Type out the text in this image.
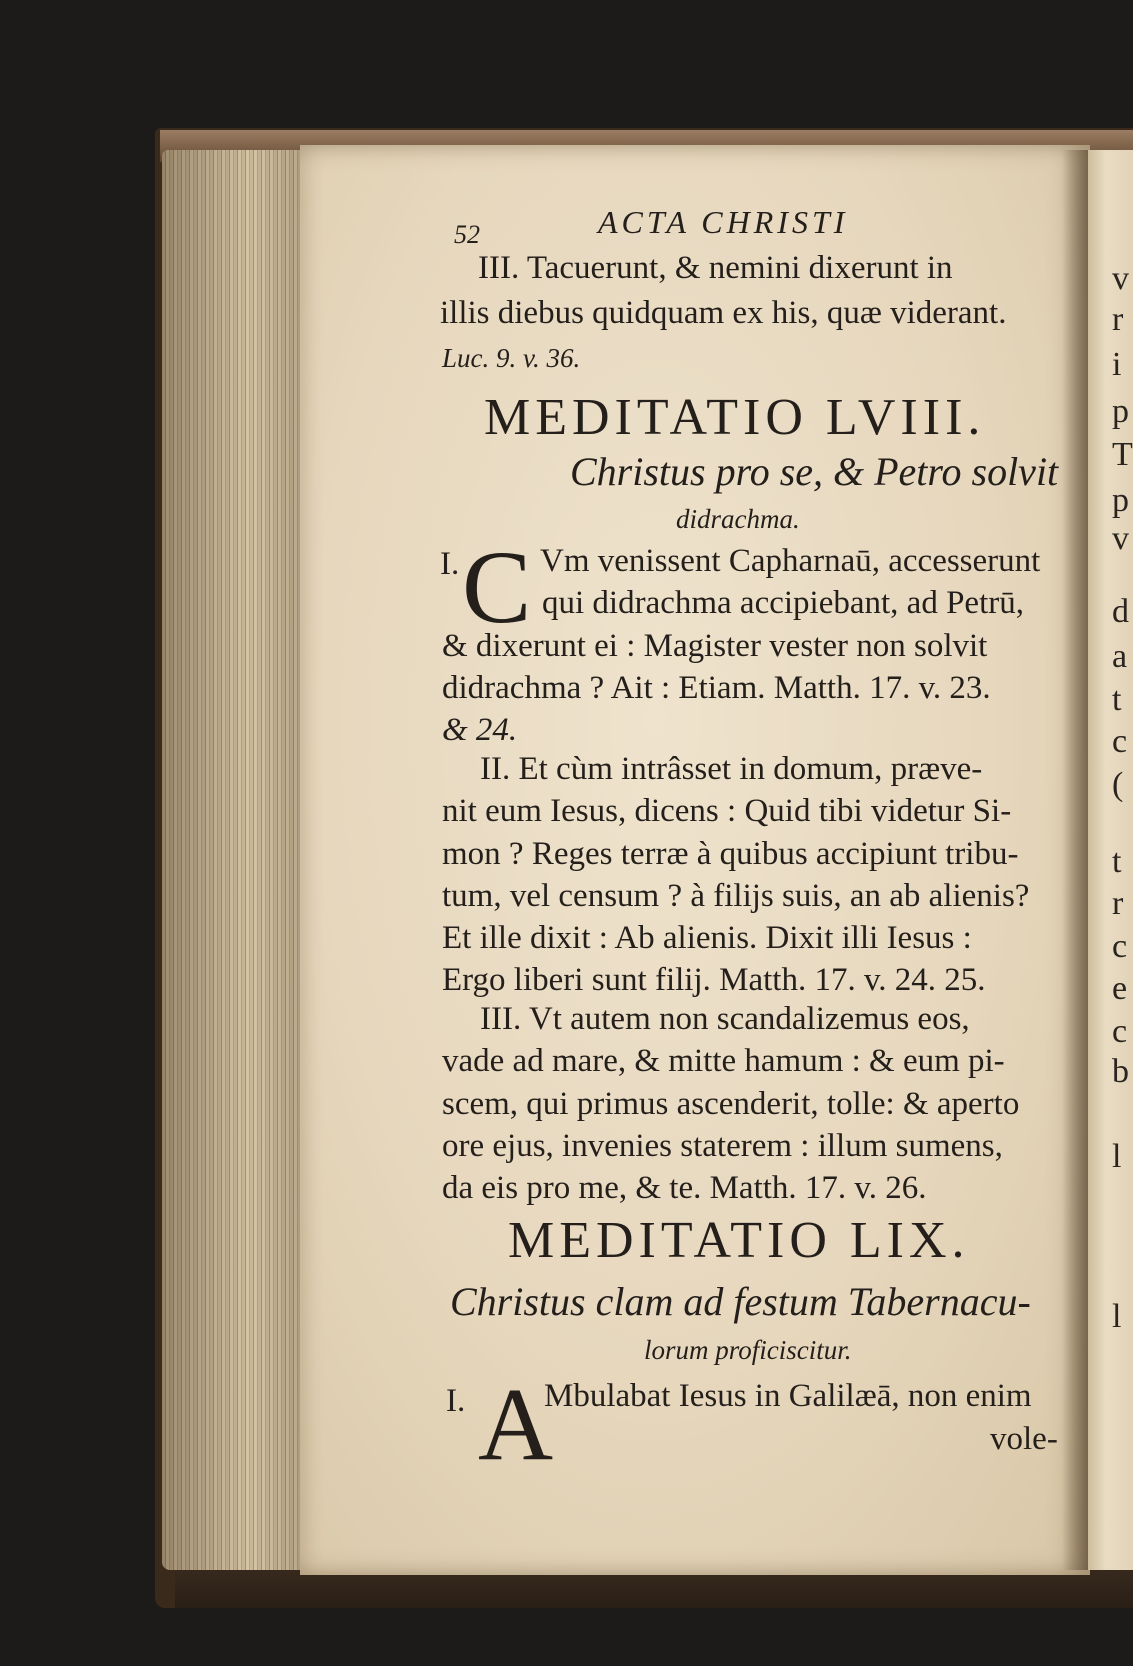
v
r
i
p
T
p
v
d
a
t
c
(
t
r
c
e
c
b
l
l
52	ACTA CHRISTI
III. Tacuerunt, & nemini dixerunt in
illis diebus quidquam ex his, quæ viderant.
Luc. 9. v. 36.
MEDITATIO LVIII.
Christus pro se, & Petro solvit
didrachma.
I. C Vm venissent Capharnaū, accesserunt
qui didrachma accipiebant, ad Petrū,
& dixerunt ei : Magister vester non solvit
didrachma ? Ait : Etiam. Matth. 17. v. 23.
& 24.
II. Et cùm intrâsset in domum, præve-
nit eum Iesus, dicens : Quid tibi videtur Si-
mon ? Reges terræ à quibus accipiunt tribu-
tum, vel censum ? à filijs suis, an ab alienis?
Et ille dixit : Ab alienis. Dixit illi Iesus :
Ergo liberi sunt filij. Matth. 17. v. 24. 25.
III. Vt autem non scandalizemus eos,
vade ad mare, & mitte hamum : & eum pi-
scem, qui primus ascenderit, tolle: & aperto
ore ejus, invenies staterem : illum sumens,
da eis pro me, & te. Matth. 17. v. 26.
MEDITATIO LIX.
Christus clam ad festum Tabernacu-
lorum proficiscitur.
I. A
Mbulabat Iesus in Galilæā, non enim
vole-
